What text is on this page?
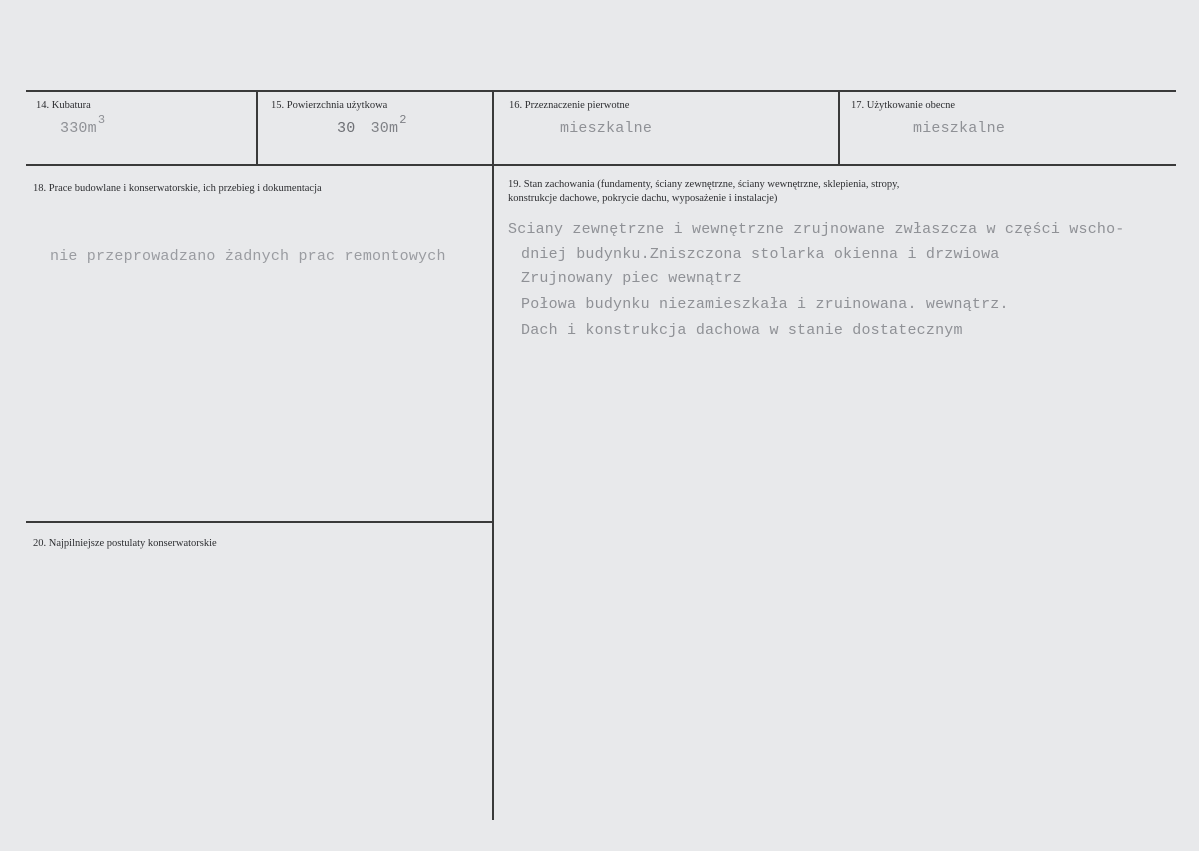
14. Kubatura
$330m^3$
15. Powierzchnia użytkowa
30 $30m^2$
16. Przeznaczenie pierwotne
mieszkalne
17. Użytkowanie obecne
mieszkalne
18. Prace budowlane i konserwatorskie, ich przebieg i dokumentacja
nie przeprowadzano żadnych prac remontowych
19. Stan zachowania (fundamenty, ściany zewnętrzne, ściany wewnętrzne, sklepienia, stropy,
konstrukcje dachowe, pokrycie dachu, wyposażenie i instalacje)
Sciany zewnętrzne i wewnętrzne zrujnowane zwłaszcza w części wscho-
dniej budynku.Zniszczona stolarka okienna i drzwiowa
Zrujnowany piec wewnątrz
Połowa budynku niezamieszkała i zruinowana. wewnątrz.
Dach i konstrukcja dachowa w stanie dostatecznym
20. Najpilniejsze postulaty konserwatorskie
